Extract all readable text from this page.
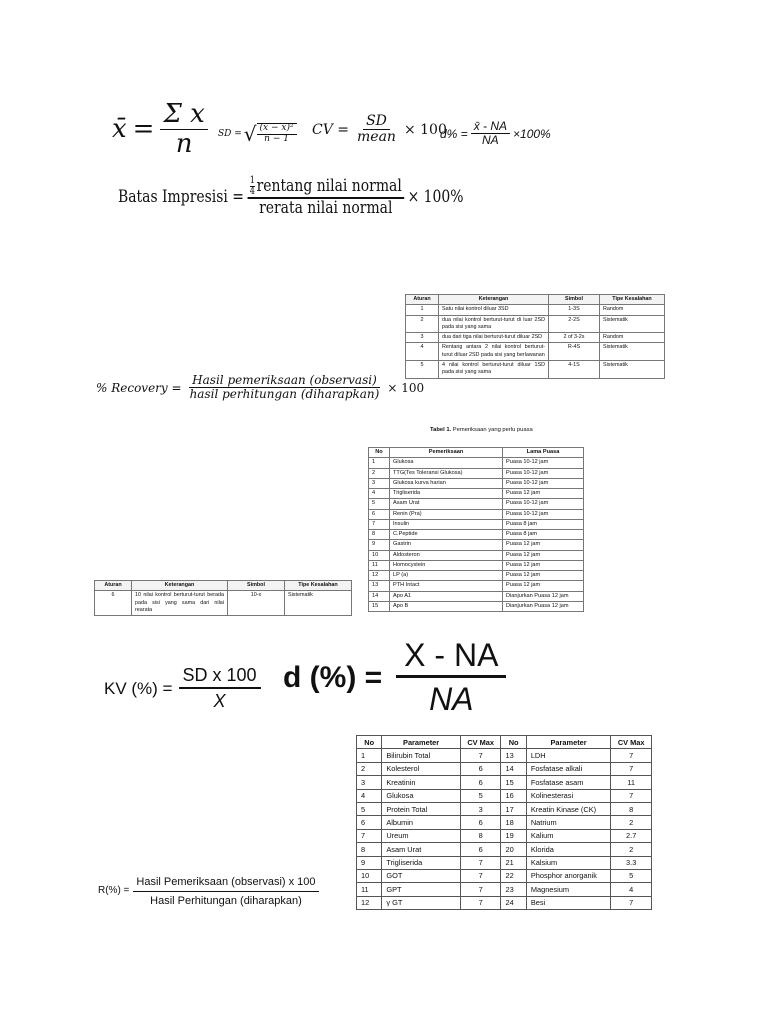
x̄ = $\frac{\text{Σ x}}{n}$ SD = √ $\frac{\text{(x − x̄)²}}{n - 1}$ CV = $\frac{SD}{\text{mean}} \times 100$
$d\% = \frac{x̄ - NA}{NA} \times 100\%$
Batas Impresisi = $\frac{\frac{1}{4} rentang nilai normal}{\text{rerata nilai normal}} \times 100\%$
% Recovery = $\frac{\text{Hasil pemeriksaan (observasi)}}{\text{hasil perhitungan (diharapkan)}} \times 100$
Aturan	Keterangan	Simbol	Tipe Kesalahan
1	Satu nilai kontrol diluar 3SD	1-3S	Random
2	dua nilai kontrol berturut-turut di luar 2SD pada sisi yang sama	2-2S	Sistematik
3	dua dari tiga nilai berturut-turut diluar 2SD	2 of 3-2s	Random
4	Rentang antara 2 nilai kontrol berturut-turut diluar 2SD pada sisi yang berlawanan	R-4S	Sistematik
5	4 nilai kontrol berturut-turut diluar 1SD pada sisi yang sama	4-1S	Sistematik
Tabel 1. Pemeriksaan yang perlu puasa
No	Pemeriksaan	Lama Puasa
1	Glukosa	Puasa 10-12 jam
2	TTG(Tes Toleransi Glukosa)	Puasa 10-12 jam
3	Glukosa kurva harian	Puasa 10-12 jam
4	Trigliserida	Puasa 12 jam
5	Asam Urat	Puasa 10-12 jam
6	Renin (Pra)	Puasa 10-12 jam
7	Insulin	Puasa 8 jam
8	C.Peptide	Puasa 8 jam
9	Gastrin	Puasa 12 jam
10	Aldosteron	Puasa 12 jam
11	Homocystein	Puasa 12 jam
12	LP (a)	Puasa 12 jam
13	PTH Intact	Puasa 12 jam
14	Apo A1	Dianjurkan Puasa 12 jam
15	Apo B	Dianjurkan Puasa 12 jam
Aturan	Keterangan	Simbol	Tipe Kesalahan
6	10 nilai kontrol berturut-turut berada pada sisi yang sama dari nilai rearata	10-x	Sistematik
KV (%) = $\frac{\text{SD x 100}}{X}$ d (%) = $\frac{X - NA}{NA}$
No	Parameter	CV Max	No	Parameter	CV Max
1	Bilirubin Total	7	13	LDH	7
2	Kolesterol	6	14	Fosfatase alkali	7
3	Kreatinin	6	15	Fosfatase asam	11
4	Glukosa	5	16	Kolinesterasi	7
5	Protein Total	3	17	Kreatin Kinase (CK)	8
6	Albumin	6	18	Natrium	2
7	Ureum	8	19	Kalium	2.7
8	Asam Urat	6	20	Klorida	2
9	Trigliserida	7	21	Kalsium	3.3
10	GOT	7	22	Phosphor anorganik	5
11	GPT	7	23	Magnesium	4
12	γ GT	7	24	Besi	7
$R(\%) = \frac{\text{Hasil Pemeriksaan (observasi) x 100}}{\text{Hasil Perhitungan (diharapkan)}}$
